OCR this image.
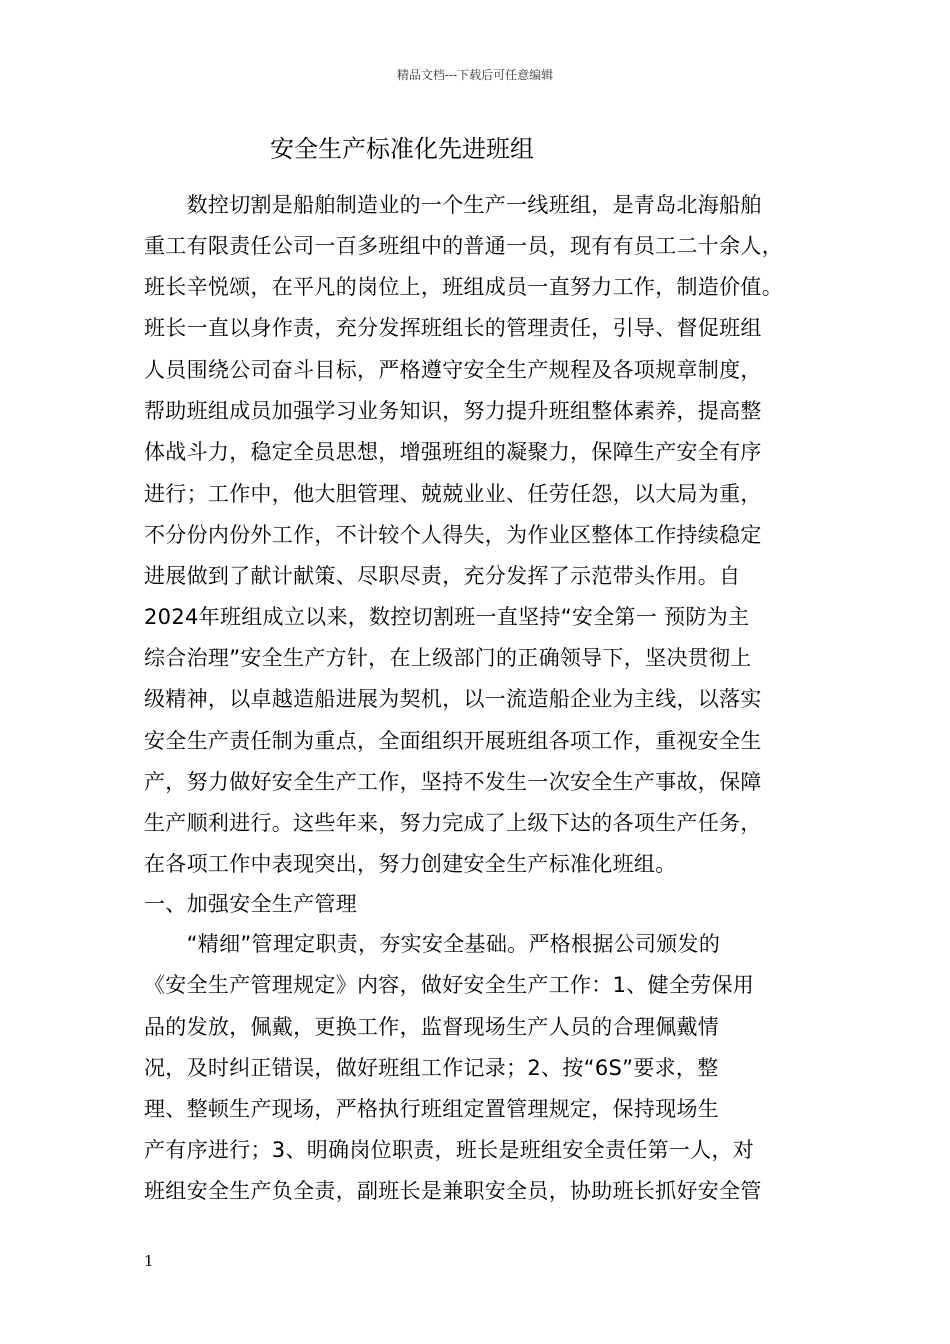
精品文档---下载后可任意编辑
安全生产标准化先进班组
　　数控切割是船舶制造业的一个生产一线班组，是青岛北海船舶
重工有限责任公司一百多班组中的普通一员，现有有员工二十余人，
班长辛悦颂，在平凡的岗位上，班组成员一直努力工作，制造价值。
班长一直以身作责，充分发挥班组长的管理责任，引导、督促班组
人员围绕公司奋斗目标，严格遵守安全生产规程及各项规章制度，
帮助班组成员加强学习业务知识，努力提升班组整体素养，提高整
体战斗力，稳定全员思想，增强班组的凝聚力，保障生产安全有序
进行；工作中，他大胆管理、兢兢业业、任劳任怨，以大局为重，
不分份内份外工作，不计较个人得失，为作业区整体工作持续稳定
进展做到了献计献策、尽职尽责，充分发挥了示范带头作用。自
2024年班组成立以来，数控切割班一直坚持“安全第一 预防为主
综合治理”安全生产方针，在上级部门的正确领导下，坚决贯彻上
级精神，以卓越造船进展为契机，以一流造船企业为主线，以落实
安全生产责任制为重点，全面组织开展班组各项工作，重视安全生
产，努力做好安全生产工作，坚持不发生一次安全生产事故，保障
生产顺利进行。这些年来，努力完成了上级下达的各项生产任务，
在各项工作中表现突出，努力创建安全生产标准化班组。
一、加强安全生产管理
　　“精细”管理定职责，夯实安全基础。严格根据公司颁发的
《安全生产管理规定》内容，做好安全生产工作：1、健全劳保用
品的发放，佩戴，更换工作，监督现场生产人员的合理佩戴情
况，及时纠正错误，做好班组工作记录；2、按“6S”要求，整
理、整顿生产现场，严格执行班组定置管理规定，保持现场生
产有序进行；3、明确岗位职责，班长是班组安全责任第一人，对
班组安全生产负全责，副班长是兼职安全员，协助班长抓好安全管
1
